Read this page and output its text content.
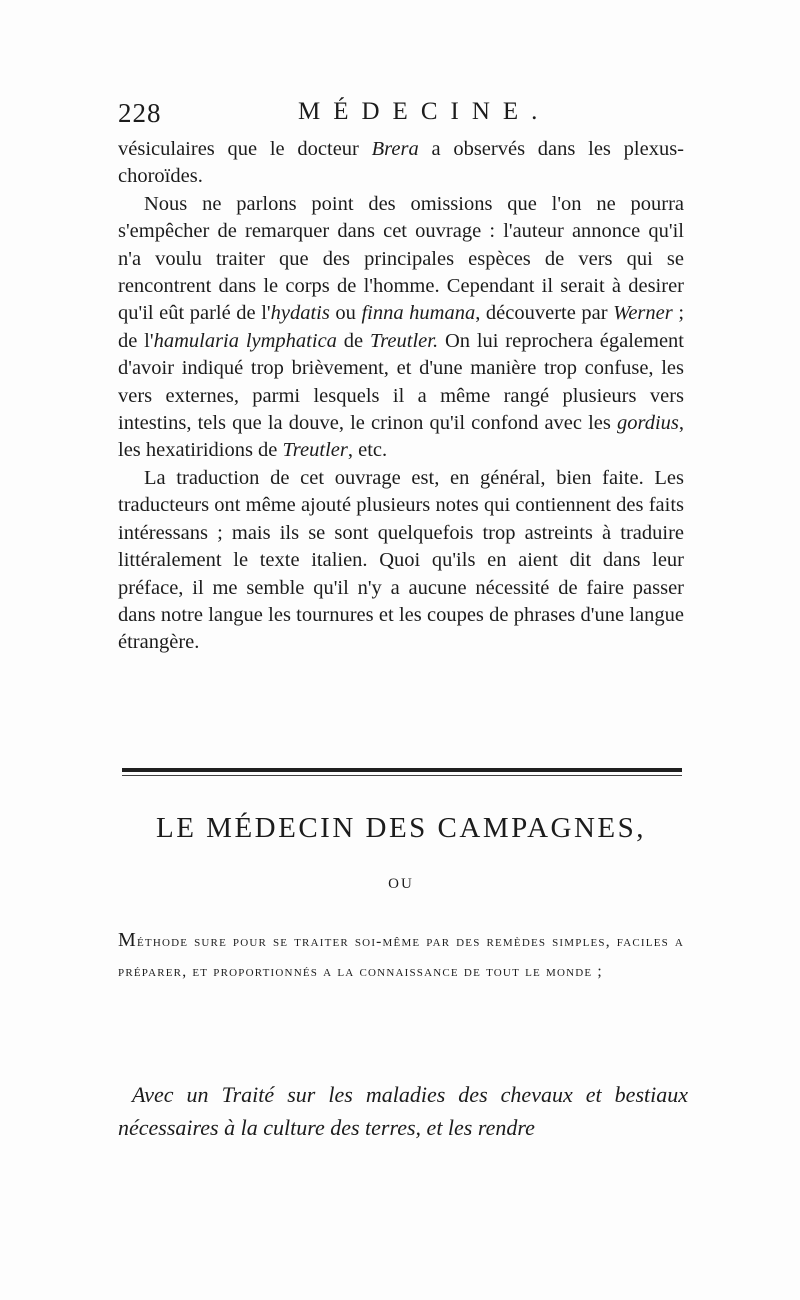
228	MÉDECINE.

vésiculaires que le docteur Brera a observés dans les plexus-choroïdes.

Nous ne parlons point des omissions que l'on ne pourra s'empêcher de remarquer dans cet ouvrage : l'auteur annonce qu'il n'a voulu traiter que des principales espèces de vers qui se rencontrent dans le corps de l'homme. Cependant il serait à desirer qu'il eût parlé de l'hydatis ou finna humana, découverte par Werner ; de l'hamularia lymphatica de Treutler. On lui reprochera également d'avoir indiqué trop brièvement, et d'une manière trop confuse, les vers externes, parmi lesquels il a même rangé plusieurs vers intestins, tels que la douve, le crinon qu'il confond avec les gordius, les hexatiridions de Treutler, etc.

La traduction de cet ouvrage est, en général, bien faite. Les traducteurs ont même ajouté plusieurs notes qui contiennent des faits intéressans ; mais ils se sont quelquefois trop astreints à traduire littéralement le texte italien. Quoi qu'ils en aient dit dans leur préface, il me semble qu'il n'y a aucune nécessité de faire passer dans notre langue les tournures et les coupes de phrases d'une langue étrangère.

LE MÉDECIN DES CAMPAGNES,
OU
Méthode sure pour se traiter soi-même par des remèdes simples, faciles a préparer, et proportionnés a la connaissance de tout le monde ;
Avec un Traité sur les maladies des chevaux et bestiaux nécessaires à la culture des terres, et les rendre
